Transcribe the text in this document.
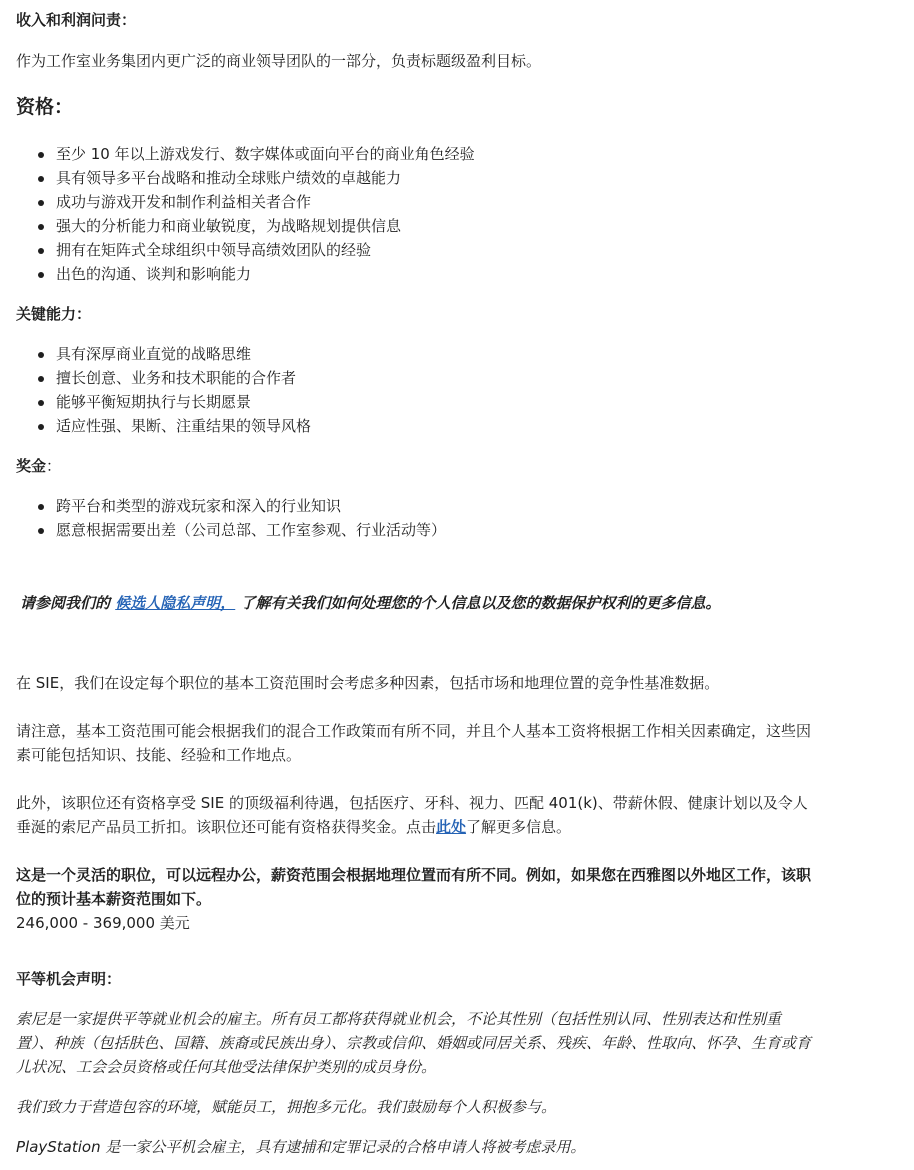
收入和利润问责：
作为工作室业务集团内更广泛的商业领导团队的一部分，负责标题级盈利目标。
资格：
至少 10 年以上游戏发行、数字媒体或面向平台的商业角色经验
具有领导多平台战略和推动全球账户绩效的卓越能力
成功与游戏开发和制作利益相关者合作
强大的分析能力和商业敏锐度，为战略规划提供信息
拥有在矩阵式全球组织中领导高绩效团队的经验
出色的沟通、谈判和影响能力
关键能力：
具有深厚商业直觉的战略思维
擅长创意、业务和技术职能的合作者
能够平衡短期执行与长期愿景
适应性强、果断、注重结果的领导风格
奖金：
跨平台和类型的游戏玩家和深入的行业知识
愿意根据需要出差（公司总部、工作室参观、行业活动等）
请参阅我们的 候选人隐私声明， 了解有关我们如何处理您的个人信息以及您的数据保护权利的更多信息。
在 SIE，我们在设定每个职位的基本工资范围时会考虑多种因素，包括市场和地理位置的竞争性基准数据。
请注意，基本工资范围可能会根据我们的混合工作政策而有所不同，并且个人基本工资将根据工作相关因素确定，这些因
素可能包括知识、技能、经验和工作地点。
此外，该职位还有资格享受 SIE 的顶级福利待遇，包括医疗、牙科、视力、匹配 401(k)、带薪休假、健康计划以及令人
垂涎的索尼产品员工折扣。该职位还可能有资格获得奖金。点击此处了解更多信息。
这是一个灵活的职位，可以远程办公，薪资范围会根据地理位置而有所不同。例如，如果您在西雅图以外地区工作，该职
位的预计基本薪资范围如下。
246,000 - 369,000 美元
平等机会声明：
索尼是一家提供平等就业机会的雇主。所有员工都将获得就业机会，不论其性别（包括性别认同、性别表达和性别重
置）、种族（包括肤色、国籍、族裔或民族出身）、宗教或信仰、婚姻或同居关系、残疾、年龄、性取向、怀孕、生育或育
儿状况、工会会员资格或任何其他受法律保护类别的成员身份。
我们致力于营造包容的环境，赋能员工，拥抱多元化。我们鼓励每个人积极参与。
PlayStation 是一家公平机会雇主，具有逮捕和定罪记录的合格申请人将被考虑录用。
